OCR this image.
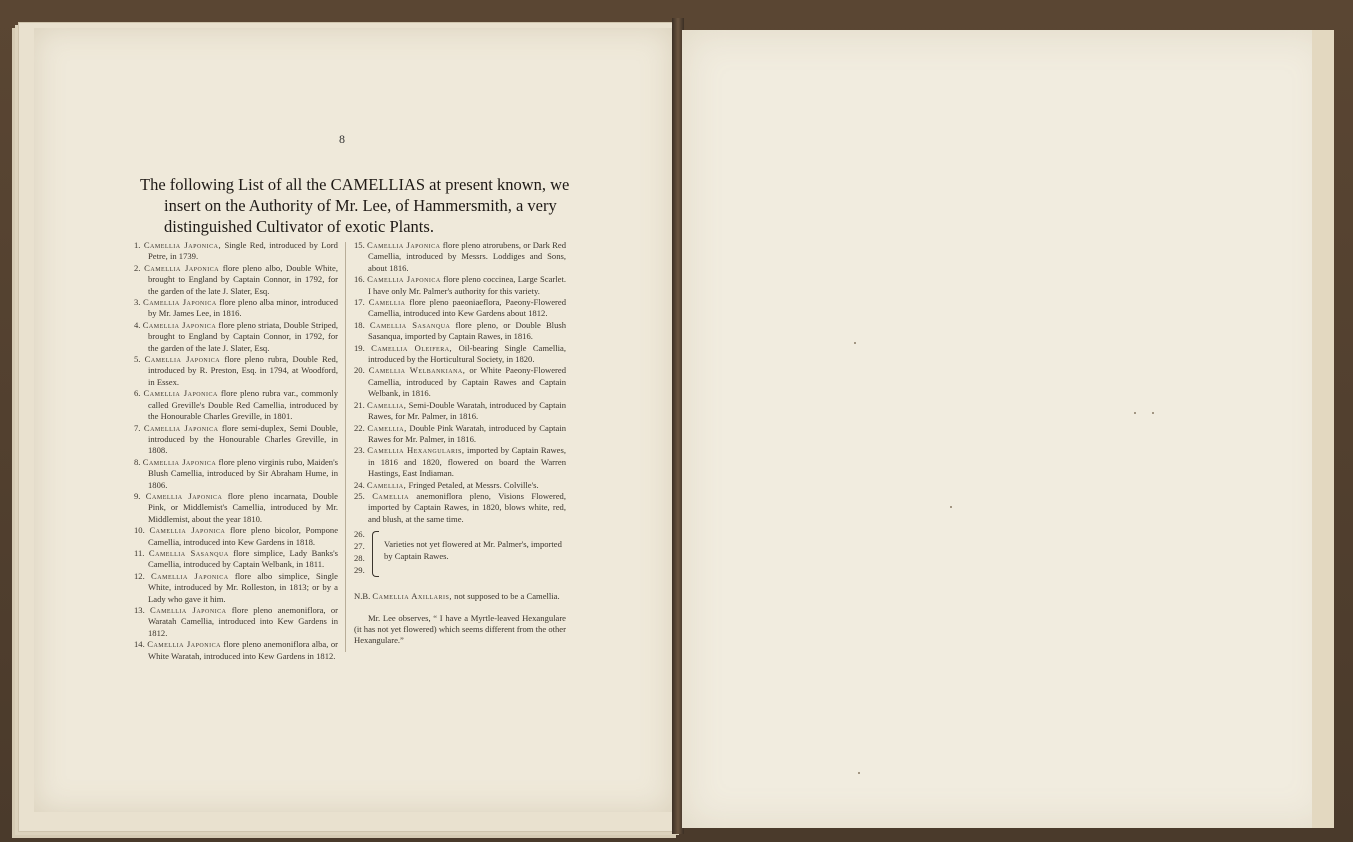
8
The following List of all the CAMELLIAS at present known, we
insert on the Authority of Mr. Lee, of Hammersmith, a very
distinguished Cultivator of exotic Plants.
1. Camellia Japonica, Single Red, introduced by Lord Petre, in 1739.
2. Camellia Japonica flore pleno albo, Double White, brought to England by Captain Connor, in 1792, for the garden of the late J. Slater, Esq.
3. Camellia Japonica flore pleno alba minor, introduced by Mr. James Lee, in 1816.
4. Camellia Japonica flore pleno striata, Double Striped, brought to England by Captain Connor, in 1792, for the garden of the late J. Slater, Esq.
5. Camellia Japonica flore pleno rubra, Double Red, introduced by R. Preston, Esq. in 1794, at Woodford, in Essex.
6. Camellia Japonica flore pleno rubra var., commonly called Greville's Double Red Camellia, introduced by the Honourable Charles Greville, in 1801.
7. Camellia Japonica flore semi-duplex, Semi Double, introduced by the Honourable Charles Greville, in 1808.
8. Camellia Japonica flore pleno virginis rubo, Maiden's Blush Camellia, introduced by Sir Abraham Hume, in 1806.
9. Camellia Japonica flore pleno incarnata, Double Pink, or Middlemist's Camellia, introduced by Mr. Middlemist, about the year 1810.
10. Camellia Japonica flore pleno bicolor, Pompone Camellia, introduced into Kew Gardens in 1818.
11. Camellia Sasanqua flore simplice, Lady Banks's Camellia, introduced by Captain Welbank, in 1811.
12. Camellia Japonica flore albo simplice, Single White, introduced by Mr. Rolleston, in 1813; or by a Lady who gave it him.
13. Camellia Japonica flore pleno anemoniflora, or Waratah Camellia, introduced into Kew Gardens in 1812.
14. Camellia Japonica flore pleno anemoniflora alba, or White Waratah, introduced into Kew Gardens in 1812.
15. Camellia Japonica flore pleno atrorubens, or Dark Red Camellia, introduced by Messrs. Loddiges and Sons, about 1816.
16. Camellia Japonica flore pleno coccinea, Large Scarlet. I have only Mr. Palmer's authority for this variety.
17. Camellia flore pleno paeoniaeflora, Paeony-Flowered Camellia, introduced into Kew Gardens about 1812.
18. Camellia Sasanqua flore pleno, or Double Blush Sasanqua, imported by Captain Rawes, in 1816.
19. Camellia Oleifera, Oil-bearing Single Camellia, introduced by the Horticultural Society, in 1820.
20. Camellia Welbankiana, or White Paeony-Flowered Camellia, introduced by Captain Rawes and Captain Welbank, in 1816.
21. Camellia, Semi-Double Waratah, introduced by Captain Rawes, for Mr. Palmer, in 1816.
22. Camellia, Double Pink Waratah, introduced by Captain Rawes for Mr. Palmer, in 1816.
23. Camellia Hexangularis, imported by Captain Rawes, in 1816 and 1820, flowered on board the Warren Hastings, East Indiaman.
24. Camellia, Fringed Petaled, at Messrs. Colville's.
25. Camellia anemoniflora pleno, Visions Flowered, imported by Captain Rawes, in 1820, blows white, red, and blush, at the same time.
26.
27.
28.
29.
Varieties not yet flowered at Mr. Palmer's, imported by Captain Rawes.
N.B. Camellia Axillaris, not supposed to be a Camellia.
Mr. Lee observes, “ I have a Myrtle-leaved Hexangulare (it has not yet flowered) which seems different from the other Hexangulare.”
